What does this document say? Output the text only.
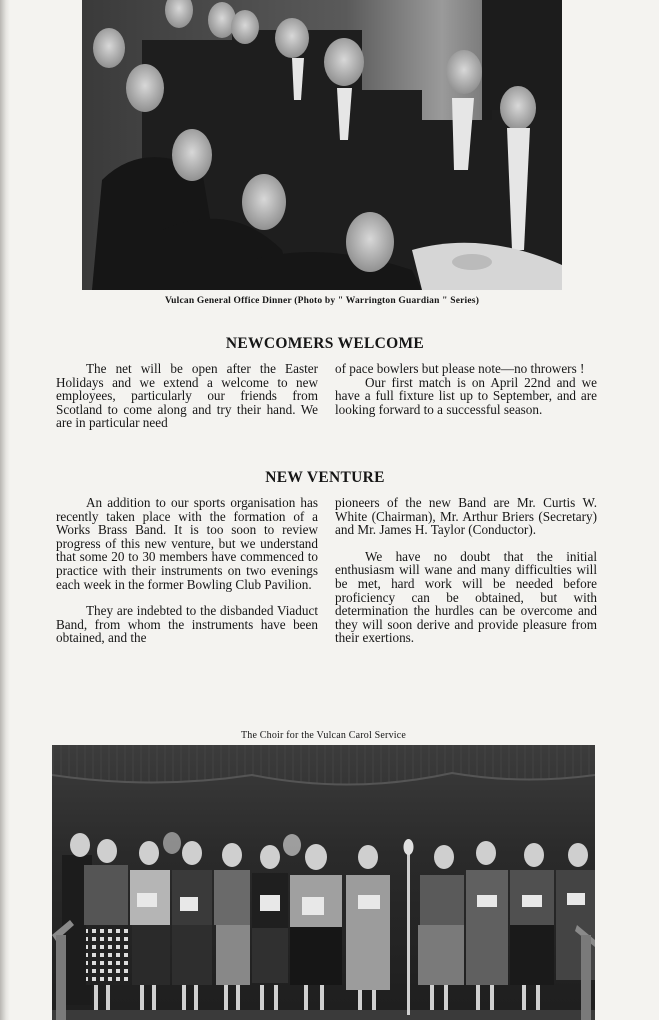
Vulcan General Office Dinner (Photo by " Warrington Guardian " Series)
NEWCOMERS WELCOME

The net will be open after the Easter Holidays and we extend a welcome to new employees, particularly our friends from Scotland to come along and try their hand. We are in particular need

of pace bowlers but please note—no throwers !

Our first match is on April 22nd and we have a full fixture list up to September, and are looking forward to a successful season.

NEW VENTURE

An addition to our sports organisation has recently taken place with the formation of a Works Brass Band. It is too soon to review progress of this new venture, but we understand that some 20 to 30 members have commenced to practice with their instruments on two evenings each week in the former Bowling Club Pavilion.

They are indebted to the disbanded Viaduct Band, from whom the instruments have been obtained, and the

pioneers of the new Band are Mr. Curtis W. White (Chairman), Mr. Arthur Briers (Secretary) and Mr. James H. Taylor (Conductor).

We have no doubt that the initial enthusiasm will wane and many difficulties will be met, hard work will be needed before proficiency can be obtained, but with determination the hurdles can be overcome and they will soon derive and provide pleasure from their exertions.

The Choir for the Vulcan Carol Service
